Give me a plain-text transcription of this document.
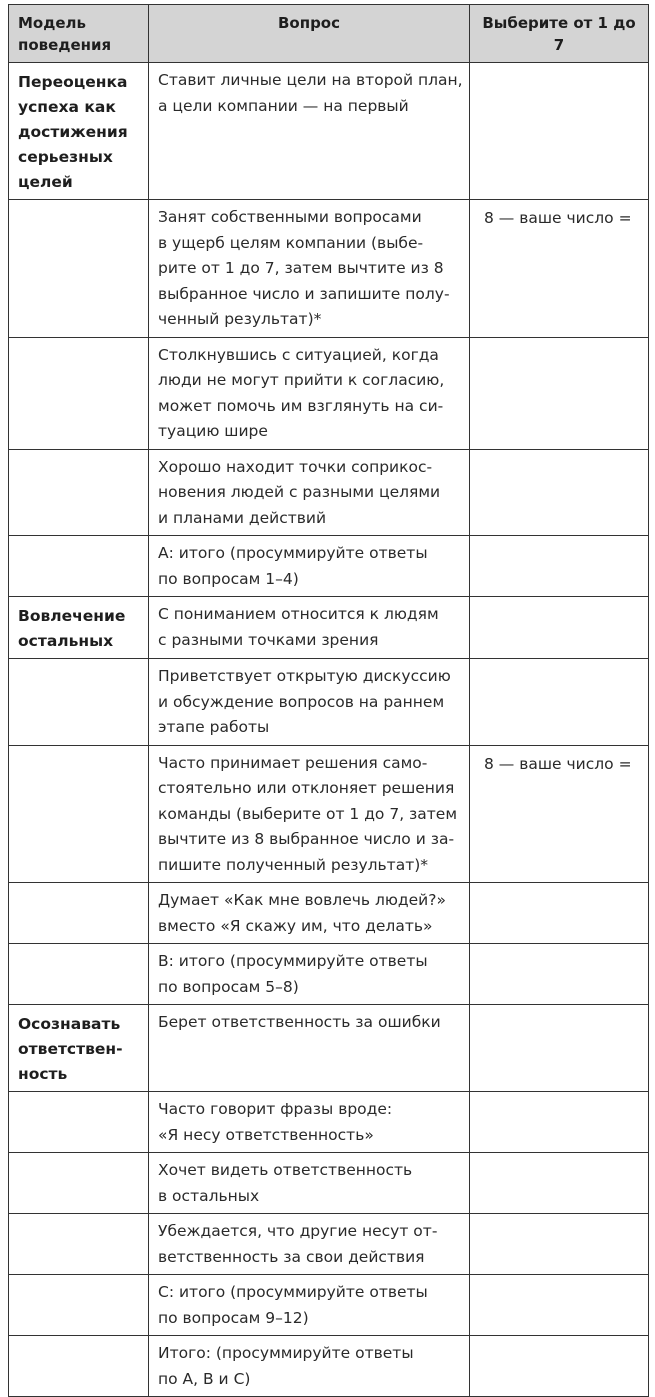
Модель
поведения	Вопрос	Выберите от 1 до 7

Переоценка
успеха как
достижения
серьезных
целей	Ставит личные цели на второй план,
а цели компании — на первый	

	Занят собственными вопросами
в ущерб целям компании (выбе-
рите от 1 до 7, затем вычтите из 8
выбранное число и запишите полу-
ченный результат)*	8 — ваше число =

	Столкнувшись с ситуацией, когда
люди не могут прийти к согласию,
может помочь им взглянуть на си-
туацию шире	

	Хорошо находит точки соприкос-
новения людей с разными целями
и планами действий	

	А: итого (просуммируйте ответы
по вопросам 1–4)	

Вовлечение
остальных	С пониманием относится к людям
с разными точками зрения	

	Приветствует открытую дискуссию
и обсуждение вопросов на раннем
этапе работы	

	Часто принимает решения само-
стоятельно или отклоняет решения
команды (выберите от 1 до 7, затем
вычтите из 8 выбранное число и за-
пишите полученный результат)*	8 — ваше число =

	Думает «Как мне вовлечь людей?»
вместо «Я скажу им, что делать»	

	В: итого (просуммируйте ответы
по вопросам 5–8)	

Осознавать
ответствен-
ность	Берет ответственность за ошибки	

	Часто говорит фразы вроде:
«Я несу ответственность»	

	Хочет видеть ответственность
в остальных	

	Убеждается, что другие несут от-
ветственность за свои действия	

	С: итого (просуммируйте ответы
по вопросам 9–12)	

	Итого: (просуммируйте ответы
по А, В и С)	
